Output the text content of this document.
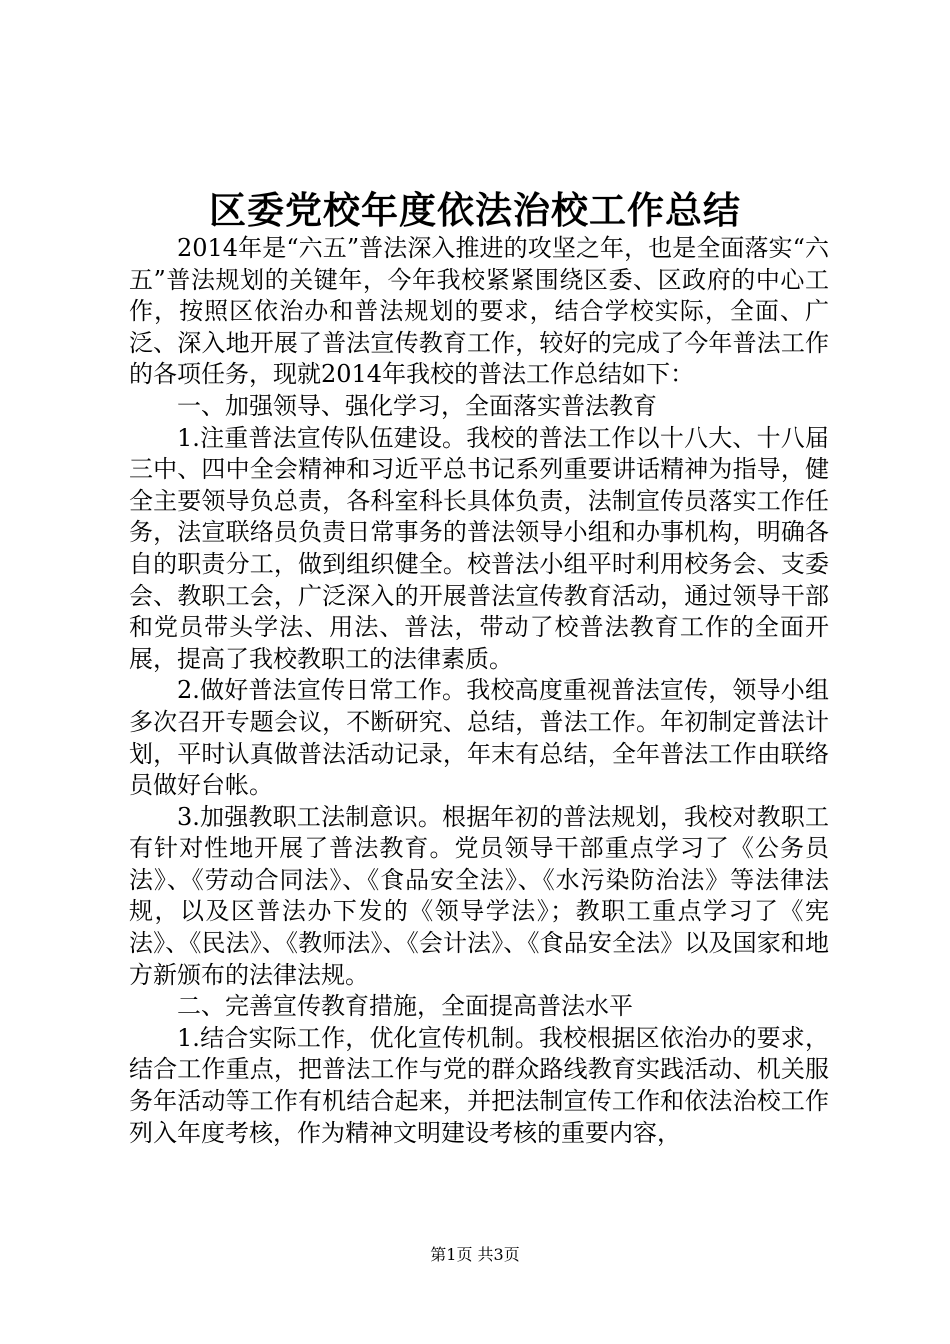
区委党校年度依法治校工作总结

2014年是“六五”普法深入推进的攻坚之年，也是全面落实“六五”普法规划的关键年，今年我校紧紧围绕区委、区政府的中心工作，按照区依治办和普法规划的要求，结合学校实际，全面、广泛、深入地开展了普法宣传教育工作，较好的完成了今年普法工作的各项任务，现就2014年我校的普法工作总结如下：

一、加强领导、强化学习，全面落实普法教育

1.注重普法宣传队伍建设。我校的普法工作以十八大、十八届三中、四中全会精神和习近平总书记系列重要讲话精神为指导，健全主要领导负总责，各科室科长具体负责，法制宣传员落实工作任务，法宣联络员负责日常事务的普法领导小组和办事机构，明确各自的职责分工，做到组织健全。校普法小组平时利用校务会、支委会、教职工会，广泛深入的开展普法宣传教育活动，通过领导干部和党员带头学法、用法、普法，带动了校普法教育工作的全面开展，提高了我校教职工的法律素质。

2.做好普法宣传日常工作。我校高度重视普法宣传，领导小组多次召开专题会议，不断研究、总结，普法工作。年初制定普法计划，平时认真做普法活动记录，年末有总结，全年普法工作由联络员做好台帐。

3.加强教职工法制意识。根据年初的普法规划，我校对教职工有针对性地开展了普法教育。党员领导干部重点学习了《公务员法》、《劳动合同法》、《食品安全法》、《水污染防治法》等法律法规，以及区普法办下发的《领导学法》；教职工重点学习了《宪法》、《民法》、《教师法》、《会计法》、《食品安全法》以及国家和地方新颁布的法律法规。

二、完善宣传教育措施，全面提高普法水平

1.结合实际工作，优化宣传机制。我校根据区依治办的要求，结合工作重点，把普法工作与党的群众路线教育实践活动、机关服务年活动等工作有机结合起来，并把法制宣传工作和依法治校工作列入年度考核，作为精神文明建设考核的重要内容，

第1页 共3页
